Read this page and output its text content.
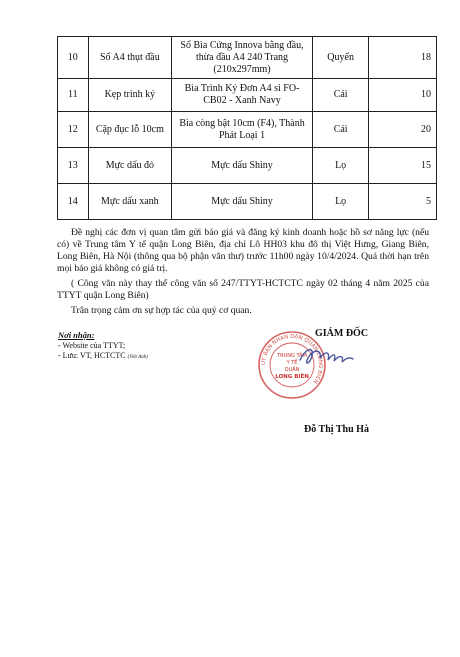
10	Sổ A4 thụt đầu	Sổ Bìa Cứng Innova bằng đầu, thừa đầu A4 240 Trang (210x297mm)	Quyển	18
11	Kẹp trình ký	Bìa Trình Ký Đơn A4 si FO-CB02 - Xanh Navy	Cái	10
12	Cặp đục lỗ 10cm	Bìa còng bật 10cm (F4), Thành Phát Loại 1	Cái	20
13	Mực dấu đỏ	Mực dấu Shiny	Lọ	15
14	Mực dấu xanh	Mực dấu Shiny	Lọ	5
Đề nghị các đơn vị quan tâm gửi báo giá và đăng ký kinh doanh hoặc hồ sơ năng lực (nếu có) về Trung tâm Y tế quận Long Biên, địa chỉ Lô HH03 khu đô thị Việt Hưng, Giang Biên, Long Biên, Hà Nội (thông qua bộ phận văn thư) trước 11h00 ngày 10/4/2024. Quá thời hạn trên mọi báo giá không có giá trị.
( Công văn này thay thế công văn số 247/TTYT-HCTCTC ngày 02 tháng 4 năm 2025 của TTYT quận Long Biên)
Trân trọng cảm ơn sự hợp tác của quý cơ quan.
Nơi nhận:
- Website của TTYT;
- Lưu: VT, HCTCTC (Việt Anh)
GIÁM ĐỐC
UY BAN NHAN DAN QUAN LONG BIEN
TRUNG TÂM
Y TẾ
QUẬN
LONG BIÊN
Đỗ Thị Thu Hà
